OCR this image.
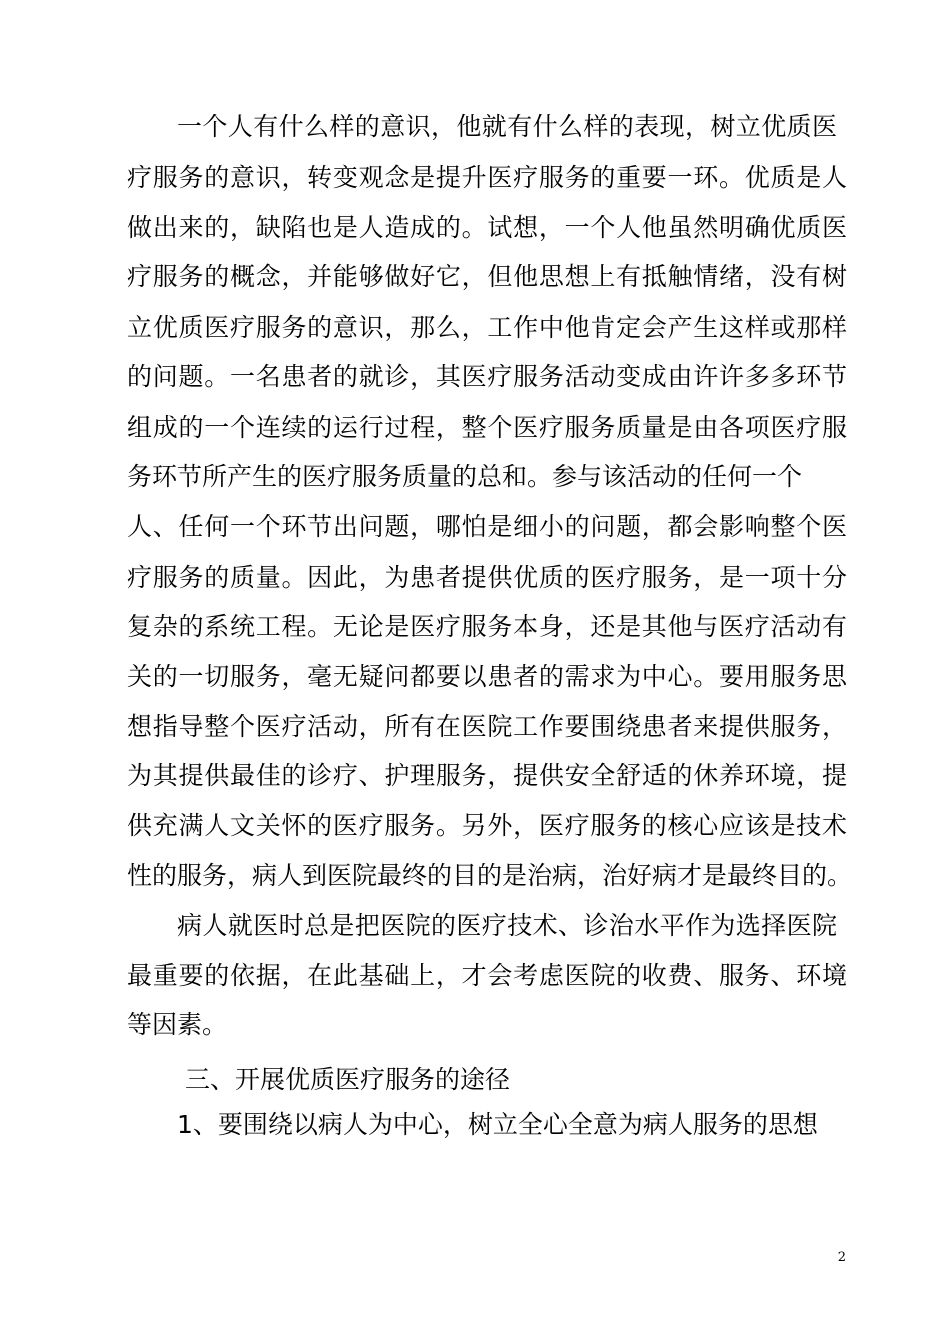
一个人有什么样的意识，他就有什么样的表现，树立优质医
疗服务的意识，转变观念是提升医疗服务的重要一环。优质是人
做出来的，缺陷也是人造成的。试想，一个人他虽然明确优质医
疗服务的概念，并能够做好它，但他思想上有抵触情绪，没有树
立优质医疗服务的意识，那么，工作中他肯定会产生这样或那样
的问题。一名患者的就诊，其医疗服务活动变成由许许多多环节
组成的一个连续的运行过程，整个医疗服务质量是由各项医疗服
务环节所产生的医疗服务质量的总和。参与该活动的任何一个
人、任何一个环节出问题，哪怕是细小的问题，都会影响整个医
疗服务的质量。因此，为患者提供优质的医疗服务，是一项十分
复杂的系统工程。无论是医疗服务本身，还是其他与医疗活动有
关的一切服务，毫无疑问都要以患者的需求为中心。要用服务思
想指导整个医疗活动，所有在医院工作要围绕患者来提供服务，
为其提供最佳的诊疗、护理服务，提供安全舒适的休养环境，提
供充满人文关怀的医疗服务。另外，医疗服务的核心应该是技术
性的服务，病人到医院最终的目的是治病，治好病才是最终目的。
病人就医时总是把医院的医疗技术、诊治水平作为选择医院
最重要的依据，在此基础上，才会考虑医院的收费、服务、环境
等因素。
三、开展优质医疗服务的途径
1、要围绕以病人为中心，树立全心全意为病人服务的思想
2
